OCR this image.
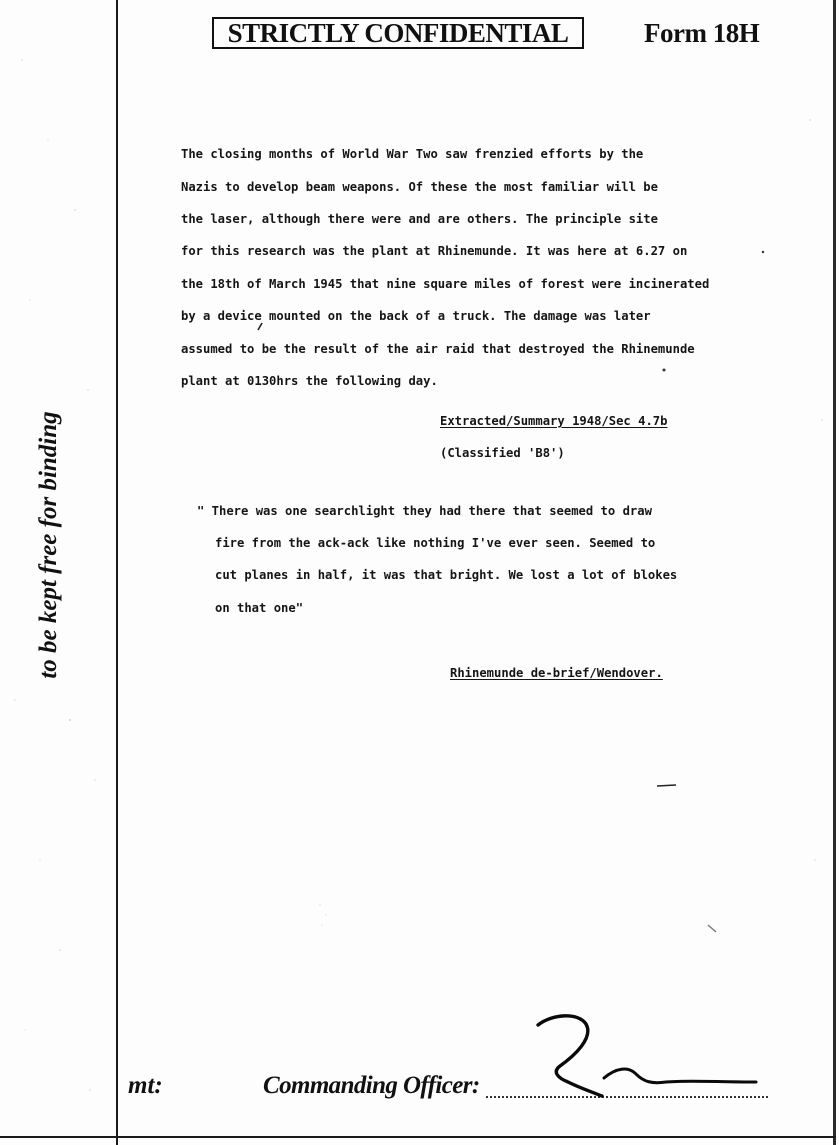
to be kept free for binding
STRICTLY CONFIDENTIAL	Form 18H
The closing months of World War Two saw frenzied efforts by the
Nazis to develop beam weapons. Of these the most familiar will be
the laser, although there were and are others. The principle site
for this research was the plant at Rhinemunde. It was here at 6.27 on
the 18th of March 1945 that nine square miles of forest were incinerated
by a device mounted on the back of a truck. The damage was later
assumed to be the result of the air raid that destroyed the Rhinemunde
plant at 0130hrs the following day.
Extracted/Summary 1948/Sec 4.7b
(Classified 'B8')
" There was one searchlight they had there that seemed to draw
fire from the ack-ack like nothing I've ever seen. Seemed to
cut planes in half, it was that bright. We lost a lot of blokes
on that one"
Rhinemunde de-brief/Wendover.
mt:	Commanding Officer:
